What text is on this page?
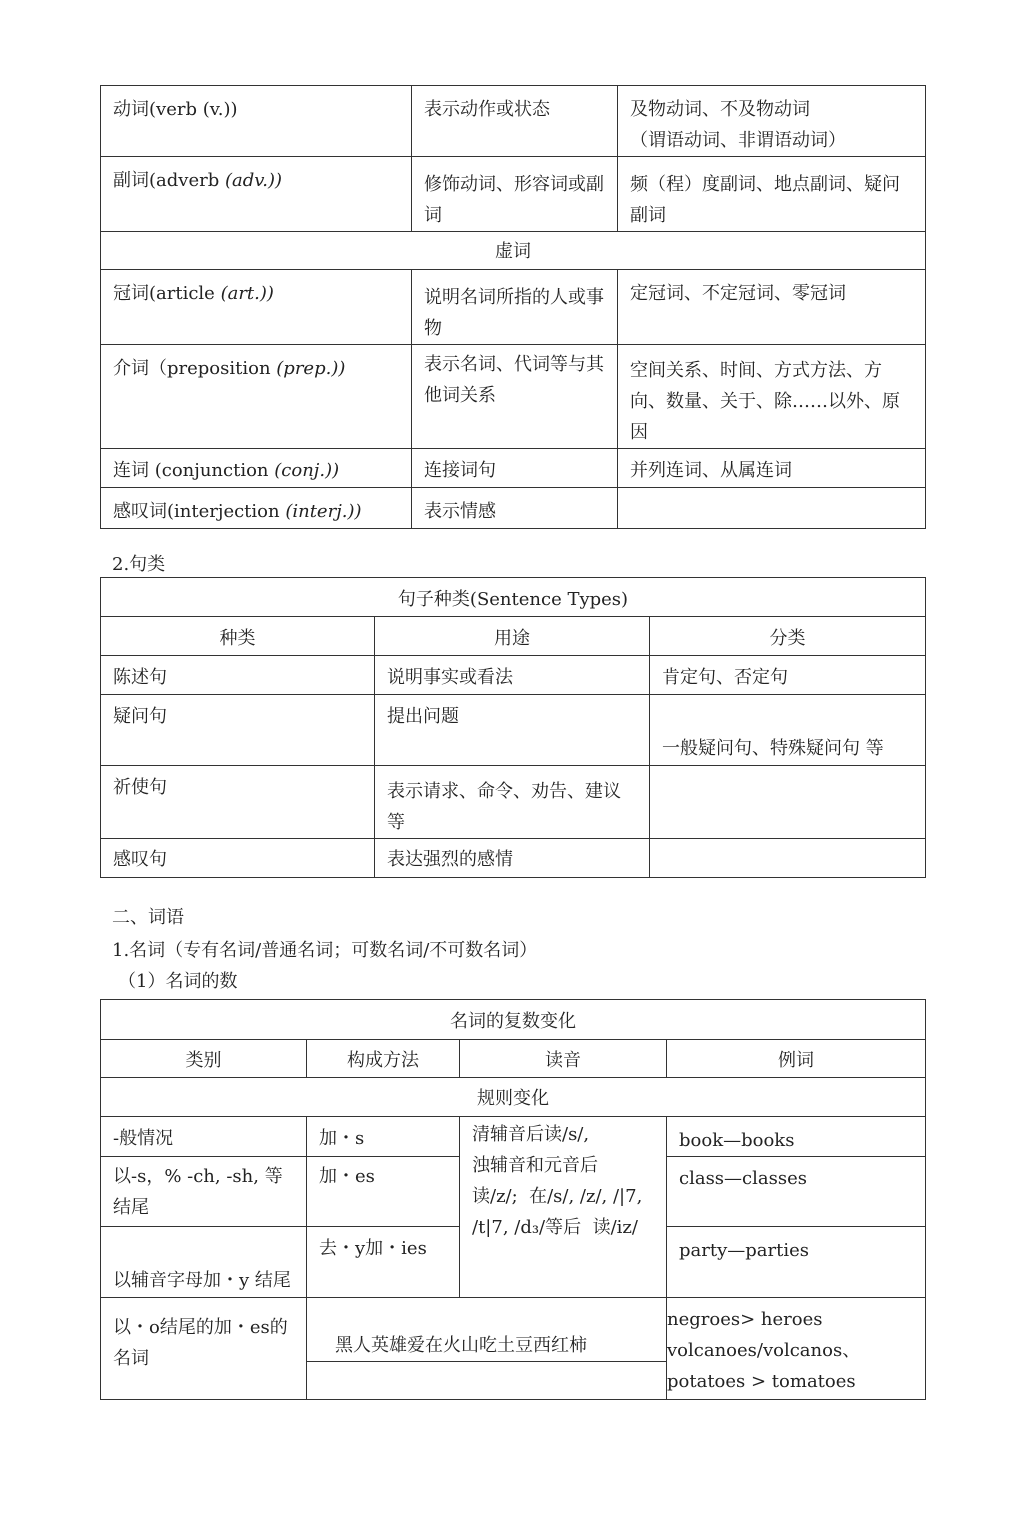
动词(verb (v.))	表示动作或状态	及物动词、不及物动词
（谓语动词、非谓语动词）

副词(adverb (adv.))	修饰动词、形容词或副词	频（程）度副词、地点副词、疑问副词
虚词		
冠词(article (art.))	说明名词所指的人或事物	定冠词、不定冠词、零冠词
介词（preposition (prep.))	表示名词、代词等与其他词关系	空间关系、时间、方式方法、方向、数量、关于、除……以外、原因
连词 (conjunction (conj.))	连接词句	并列连词、从属连词
感叹词(interjection (interj.))	表示情感	
2.句类
句子种类(Sentence Types)		
种类	用途	分类
陈述句	说明事实或看法	肯定句、否定句
疑问句	提出问题	一般疑问句、特殊疑问句 等
祈使句	表示请求、命令、劝告、建议等	
感叹句	表达强烈的感情	
二、词语
1.名词（专有名词/普通名词；可数名词/不可数名词）
（1）名词的数
名词的复数变化			
类别	构成方法	读音	例词
规则变化			
-般情况	加・s	清辅音后读/s/,
浊辅音和元音后
读/z/;  在/s/, /z/, /|7,
/t|7, /d₃/等后  读/iz/	book—books
以-s，% -ch, -sh, 等结尾	加・es		class—classes
以辅音字母加・y 结尾	去・y加・ies		party—parties
以・o结尾的加・es的名词	黑人英雄爱在火山吃土豆西红柿		negroes> heroes
volcanoes/volcanos、
potatoes > tomatoes
